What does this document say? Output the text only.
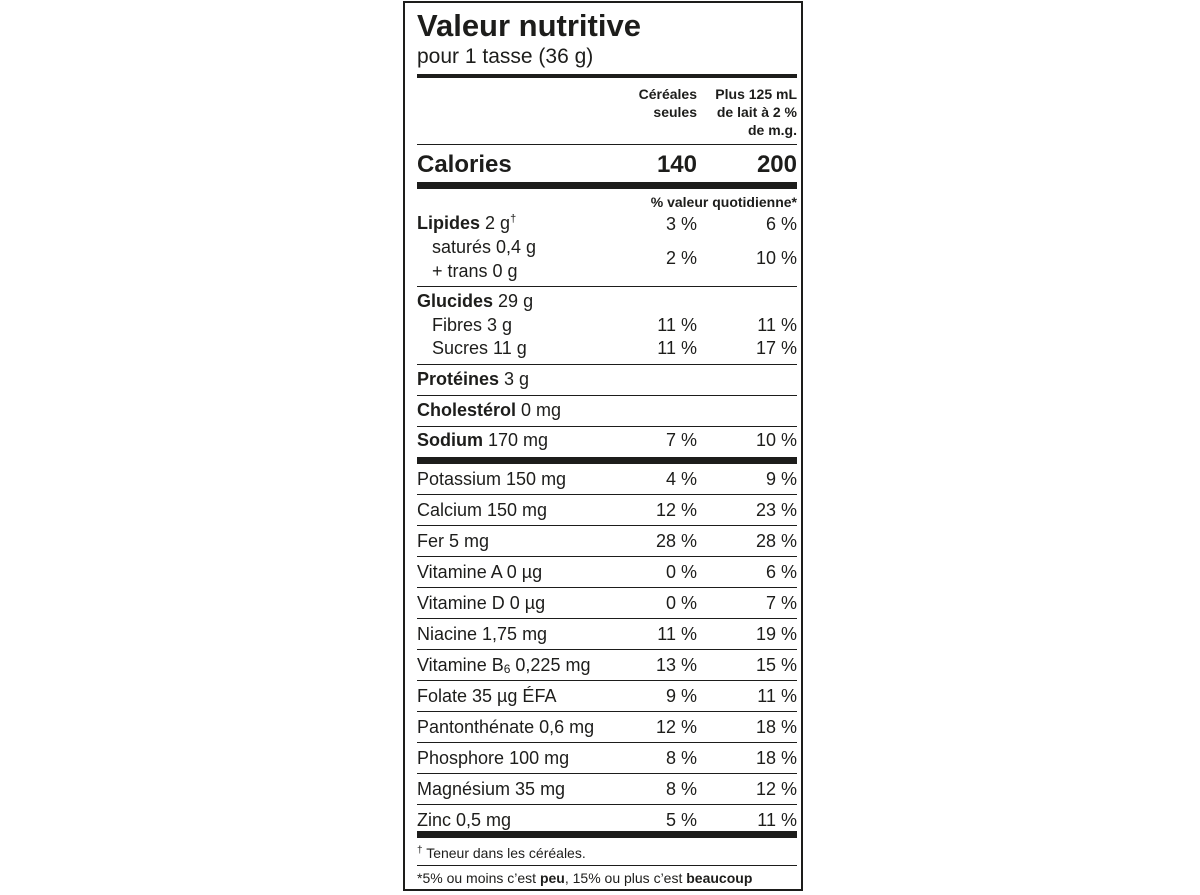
Valeur nutritive
pour 1 tasse (36 g)
Céréales
seules
Plus 125 mL
de lait à 2 %
de m.g.
Calories	140	200
% valeur quotidienne*
Lipides 2 g†	3 %	6 %
saturés 0,4 g
+ trans 0 g
2 %	10 %
Glucides 29 g
Fibres 3 g	11 %	11 %
Sucres 11 g	11 %	17 %
Protéines 3 g
Cholestérol 0 mg
Sodium 170 mg	7 %	10 %
Potassium 150 mg	4 %	9 %
Calcium 150 mg	12 %	23 %
Fer 5 mg	28 %	28 %
Vitamine A 0 µg	0 %	6 %
Vitamine D 0 µg	0 %	7 %
Niacine 1,75 mg	11 %	19 %
Vitamine B6 0,225 mg	13 %	15 %
Folate 35 µg ÉFA	9 %	11 %
Pantonthénate 0,6 mg	12 %	18 %
Phosphore 100 mg	8 %	18 %
Magnésium 35 mg	8 %	12 %
Zinc 0,5 mg	5 %	11 %
† Teneur dans les céréales.
*5% ou moins c’est peu, 15% ou plus c’est beaucoup
